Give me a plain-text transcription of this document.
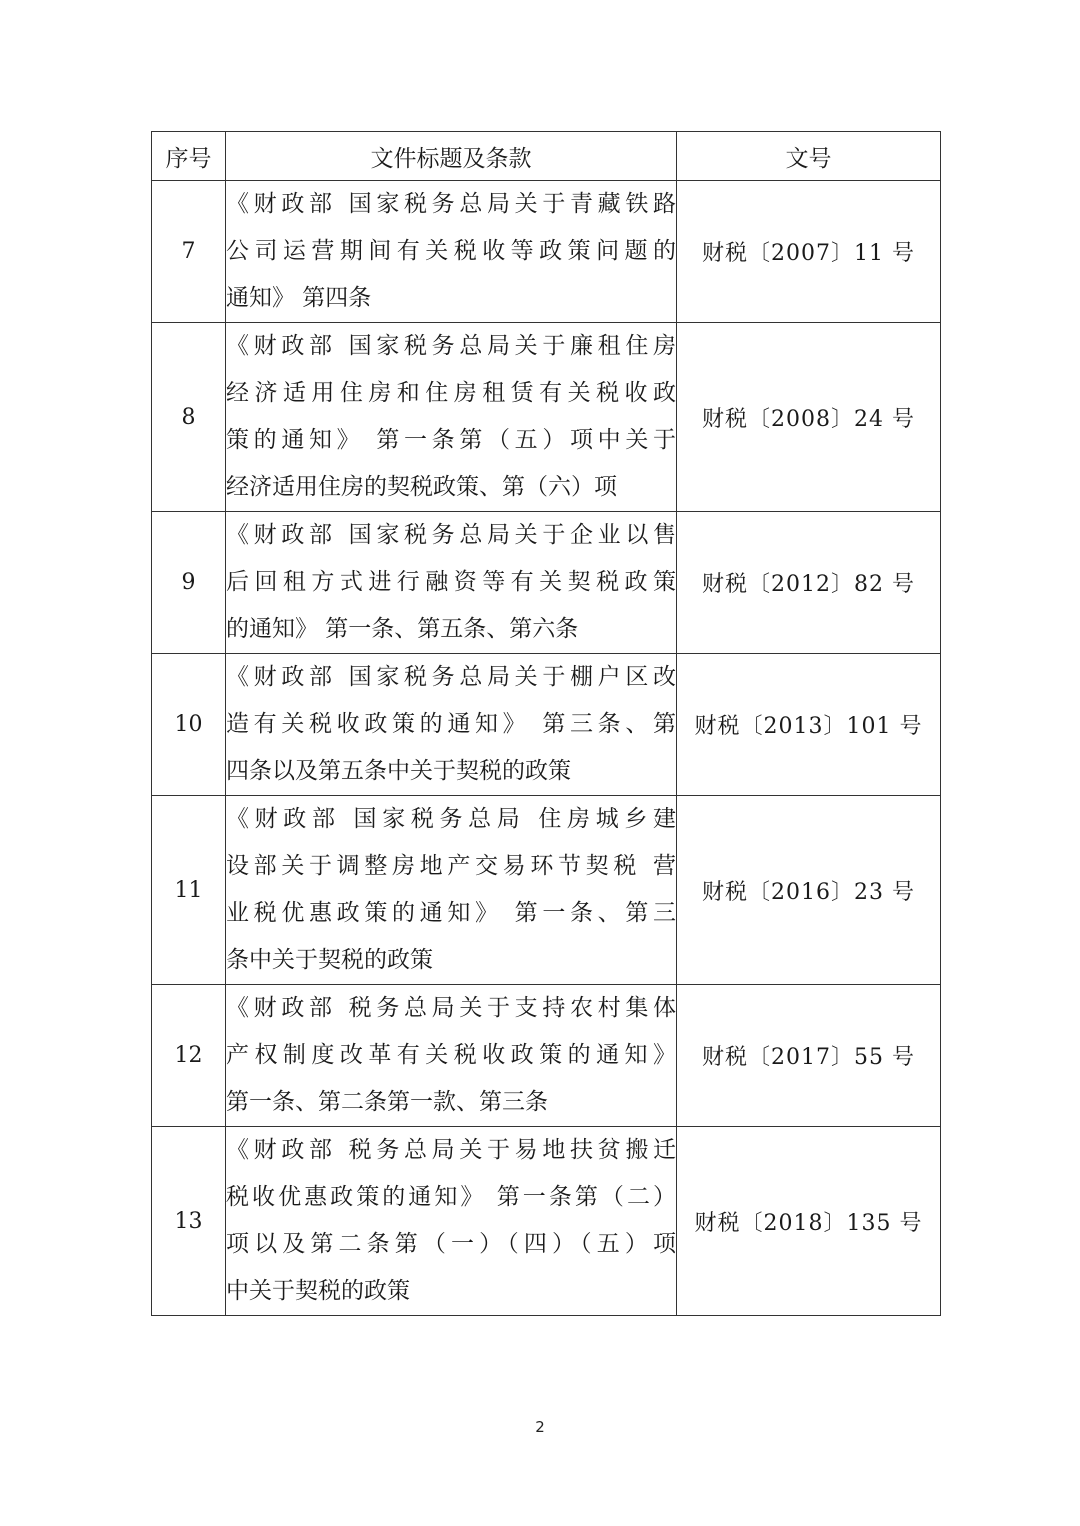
序号	文件标题及条款	文号
7	《财政部 国家税务总局关于青藏铁路
公司运营期间有关税收等政策问题的
通知》 第四条	财税〔2007〕11 号
8	《财政部 国家税务总局关于廉租住房
经济适用住房和住房租赁有关税收政
策的通知》 第一条第（五）项中关于
经济适用住房的契税政策、第（六）项	财税〔2008〕24 号
9	《财政部 国家税务总局关于企业以售
后回租方式进行融资等有关契税政策
的通知》 第一条、第五条、第六条	财税〔2012〕82 号
10	《财政部 国家税务总局关于棚户区改
造有关税收政策的通知》 第三条、第
四条以及第五条中关于契税的政策	财税〔2013〕101 号
11	《财政部 国家税务总局 住房城乡建
设部关于调整房地产交易环节契税 营
业税优惠政策的通知》 第一条、第三
条中关于契税的政策	财税〔2016〕23 号
12	《财政部 税务总局关于支持农村集体
产权制度改革有关税收政策的通知》
第一条、第二条第一款、第三条	财税〔2017〕55 号
13	《财政部 税务总局关于易地扶贫搬迁
税收优惠政策的通知》 第一条第（二）
项以及第二条第（一）（四）（五）项
中关于契税的政策	财税〔2018〕135 号
2
